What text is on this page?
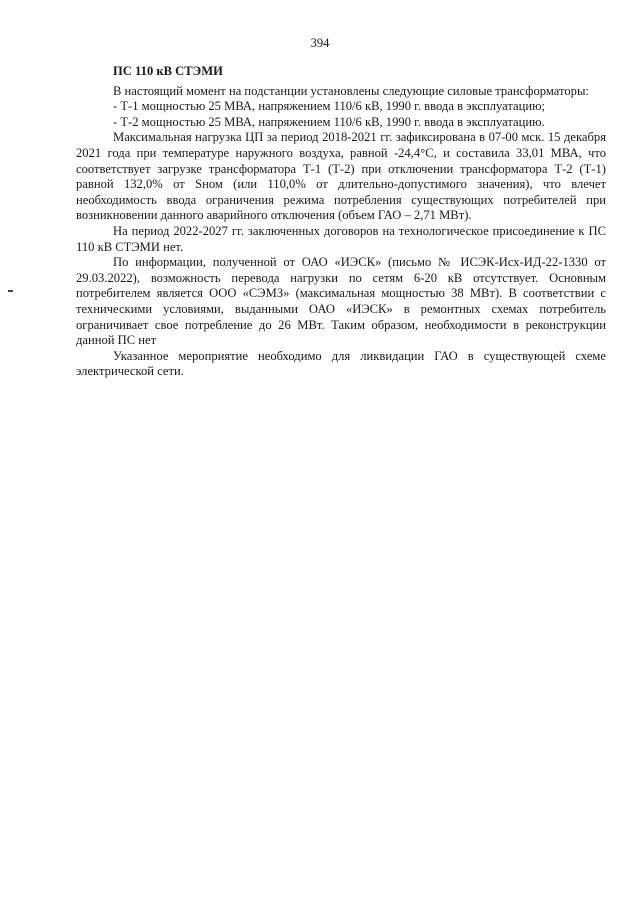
394

ПС 110 кВ СТЭМИ

В настоящий момент на подстанции установлены следующие силовые трансформаторы:

- Т-1 мощностью 25 МВА, напряжением 110/6 кВ, 1990 г. ввода в эксплуатацию;

- Т-2 мощностью 25 МВА, напряжением 110/6 кВ, 1990 г. ввода в эксплуатацию.

Максимальная нагрузка ЦП за период 2018-2021 гг. зафиксирована в 07-00 мск. 15 декабря 2021 года при температуре наружного воздуха, равной -24,4°С, и составила 33,01 МВА, что соответствует загрузке трансформатора Т-1 (Т-2) при отключении трансформатора Т-2 (Т-1) равной 132,0% от Sном (или 110,0% от длительно-допустимого значения), что влечет необходимость ввода ограничения режима потребления существующих потребителей при возникновении данного аварийного отключения (объем ГАО – 2,71 МВт).

На период 2022-2027 гг. заключенных договоров на технологическое присоединение к ПС 110 кВ СТЭМИ нет.

По информации, полученной от ОАО «ИЭСК» (письмо № ИСЭК-Исх-ИД-22-1330 от 29.03.2022), возможность перевода нагрузки по сетям 6-20 кВ отсутствует. Основным потребителем является ООО «СЭМЗ» (максимальная мощностью 38 МВт). В соответствии с техническими условиями, выданными ОАО «ИЭСК» в ремонтных схемах потребитель ограничивает свое потребление до 26 МВт. Таким образом, необходимости в реконструкции данной ПС нет

Указанное мероприятие необходимо для ликвидации ГАО в существующей схеме электрической сети.
